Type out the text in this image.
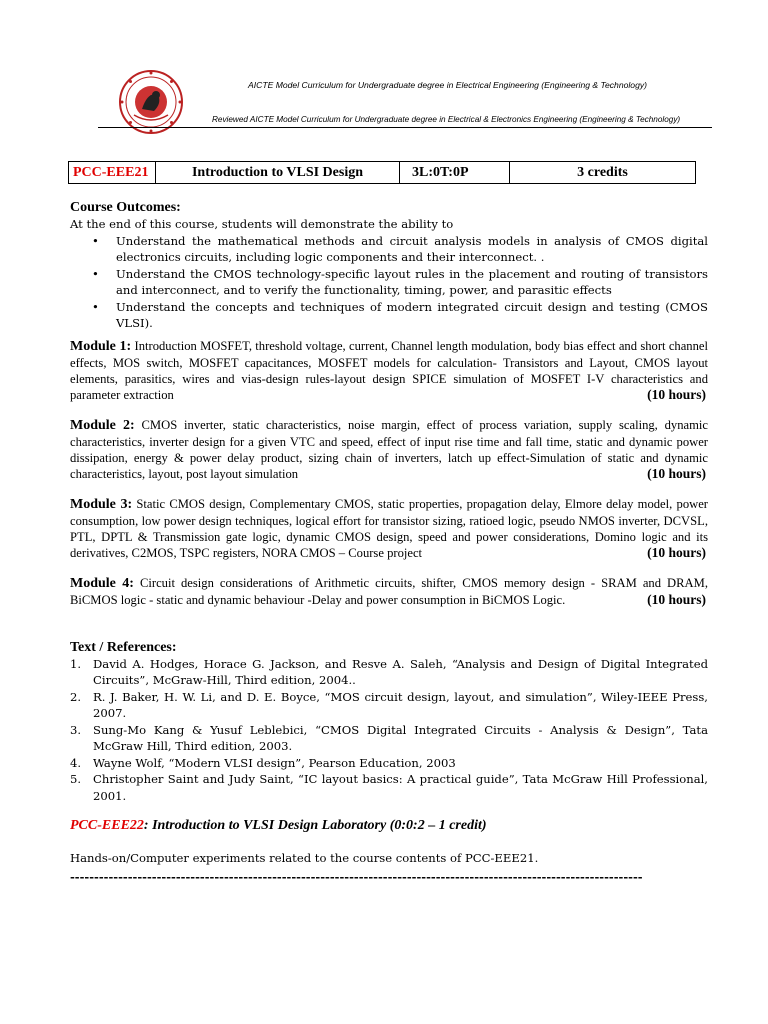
AICTE Model Curriculum for Undergraduate degree in Electrical Engineering (Engineering & Technology)
Reviewed AICTE Model Curriculum for Undergraduate degree in Electrical & Electronics Engineering (Engineering & Technology)
PCC-EEE21	Introduction to VLSI Design	3L:0T:0P	3 credits
Course Outcomes:
At the end of this course, students will demonstrate the ability to
• Understand the mathematical methods and circuit analysis models in analysis of CMOS digital electronics circuits, including logic components and their interconnect. .
• Understand the CMOS technology-specific layout rules in the placement and routing of transistors and interconnect, and to verify the functionality, timing, power, and parasitic effects
• Understand the concepts and techniques of modern integrated circuit design and testing (CMOS VLSI).
Module 1: Introduction MOSFET, threshold voltage, current, Channel length modulation, body bias effect and short channel effects, MOS switch, MOSFET capacitances, MOSFET models for calculation- Transistors and Layout, CMOS layout elements, parasitics, wires and vias-design rules-layout design SPICE simulation of MOSFET I-V characteristics and parameter extraction	(10 hours)
Module 2: CMOS inverter, static characteristics, noise margin, effect of process variation, supply scaling, dynamic characteristics, inverter design for a given VTC and speed, effect of input rise time and fall time, static and dynamic power dissipation, energy & power delay product, sizing chain of inverters, latch up effect-Simulation of static and dynamic characteristics, layout, post layout simulation	(10 hours)
Module 3: Static CMOS design, Complementary CMOS, static properties, propagation delay, Elmore delay model, power consumption, low power design techniques, logical effort for transistor sizing, ratioed logic, pseudo NMOS inverter, DCVSL, PTL, DPTL & Transmission gate logic, dynamic CMOS design, speed and power considerations, Domino logic and its derivatives, C2MOS, TSPC registers, NORA CMOS – Course project	(10 hours)
Module 4: Circuit design considerations of Arithmetic circuits, shifter, CMOS memory design - SRAM and DRAM, BiCMOS logic - static and dynamic behaviour -Delay and power consumption in BiCMOS Logic.	(10 hours)
Text / References:
1. David A. Hodges, Horace G. Jackson, and Resve A. Saleh, “Analysis and Design of Digital Integrated Circuits”, McGraw-Hill, Third edition, 2004..
2. R. J. Baker, H. W. Li, and D. E. Boyce, “MOS circuit design, layout, and simulation”, Wiley-IEEE Press, 2007.
3. Sung-Mo Kang & Yusuf Leblebici, “CMOS Digital Integrated Circuits - Analysis & Design”, Tata McGraw Hill, Third edition, 2003.
4. Wayne Wolf, “Modern VLSI design”, Pearson Education, 2003
5. Christopher Saint and Judy Saint, “IC layout basics: A practical guide”, Tata McGraw Hill Professional, 2001.
PCC-EEE22: Introduction to VLSI Design Laboratory (0:0:2 – 1 credit)
Hands-on/Computer experiments related to the course contents of PCC-EEE21.
-----------------------------------------------------------------------------------------------------------------------
